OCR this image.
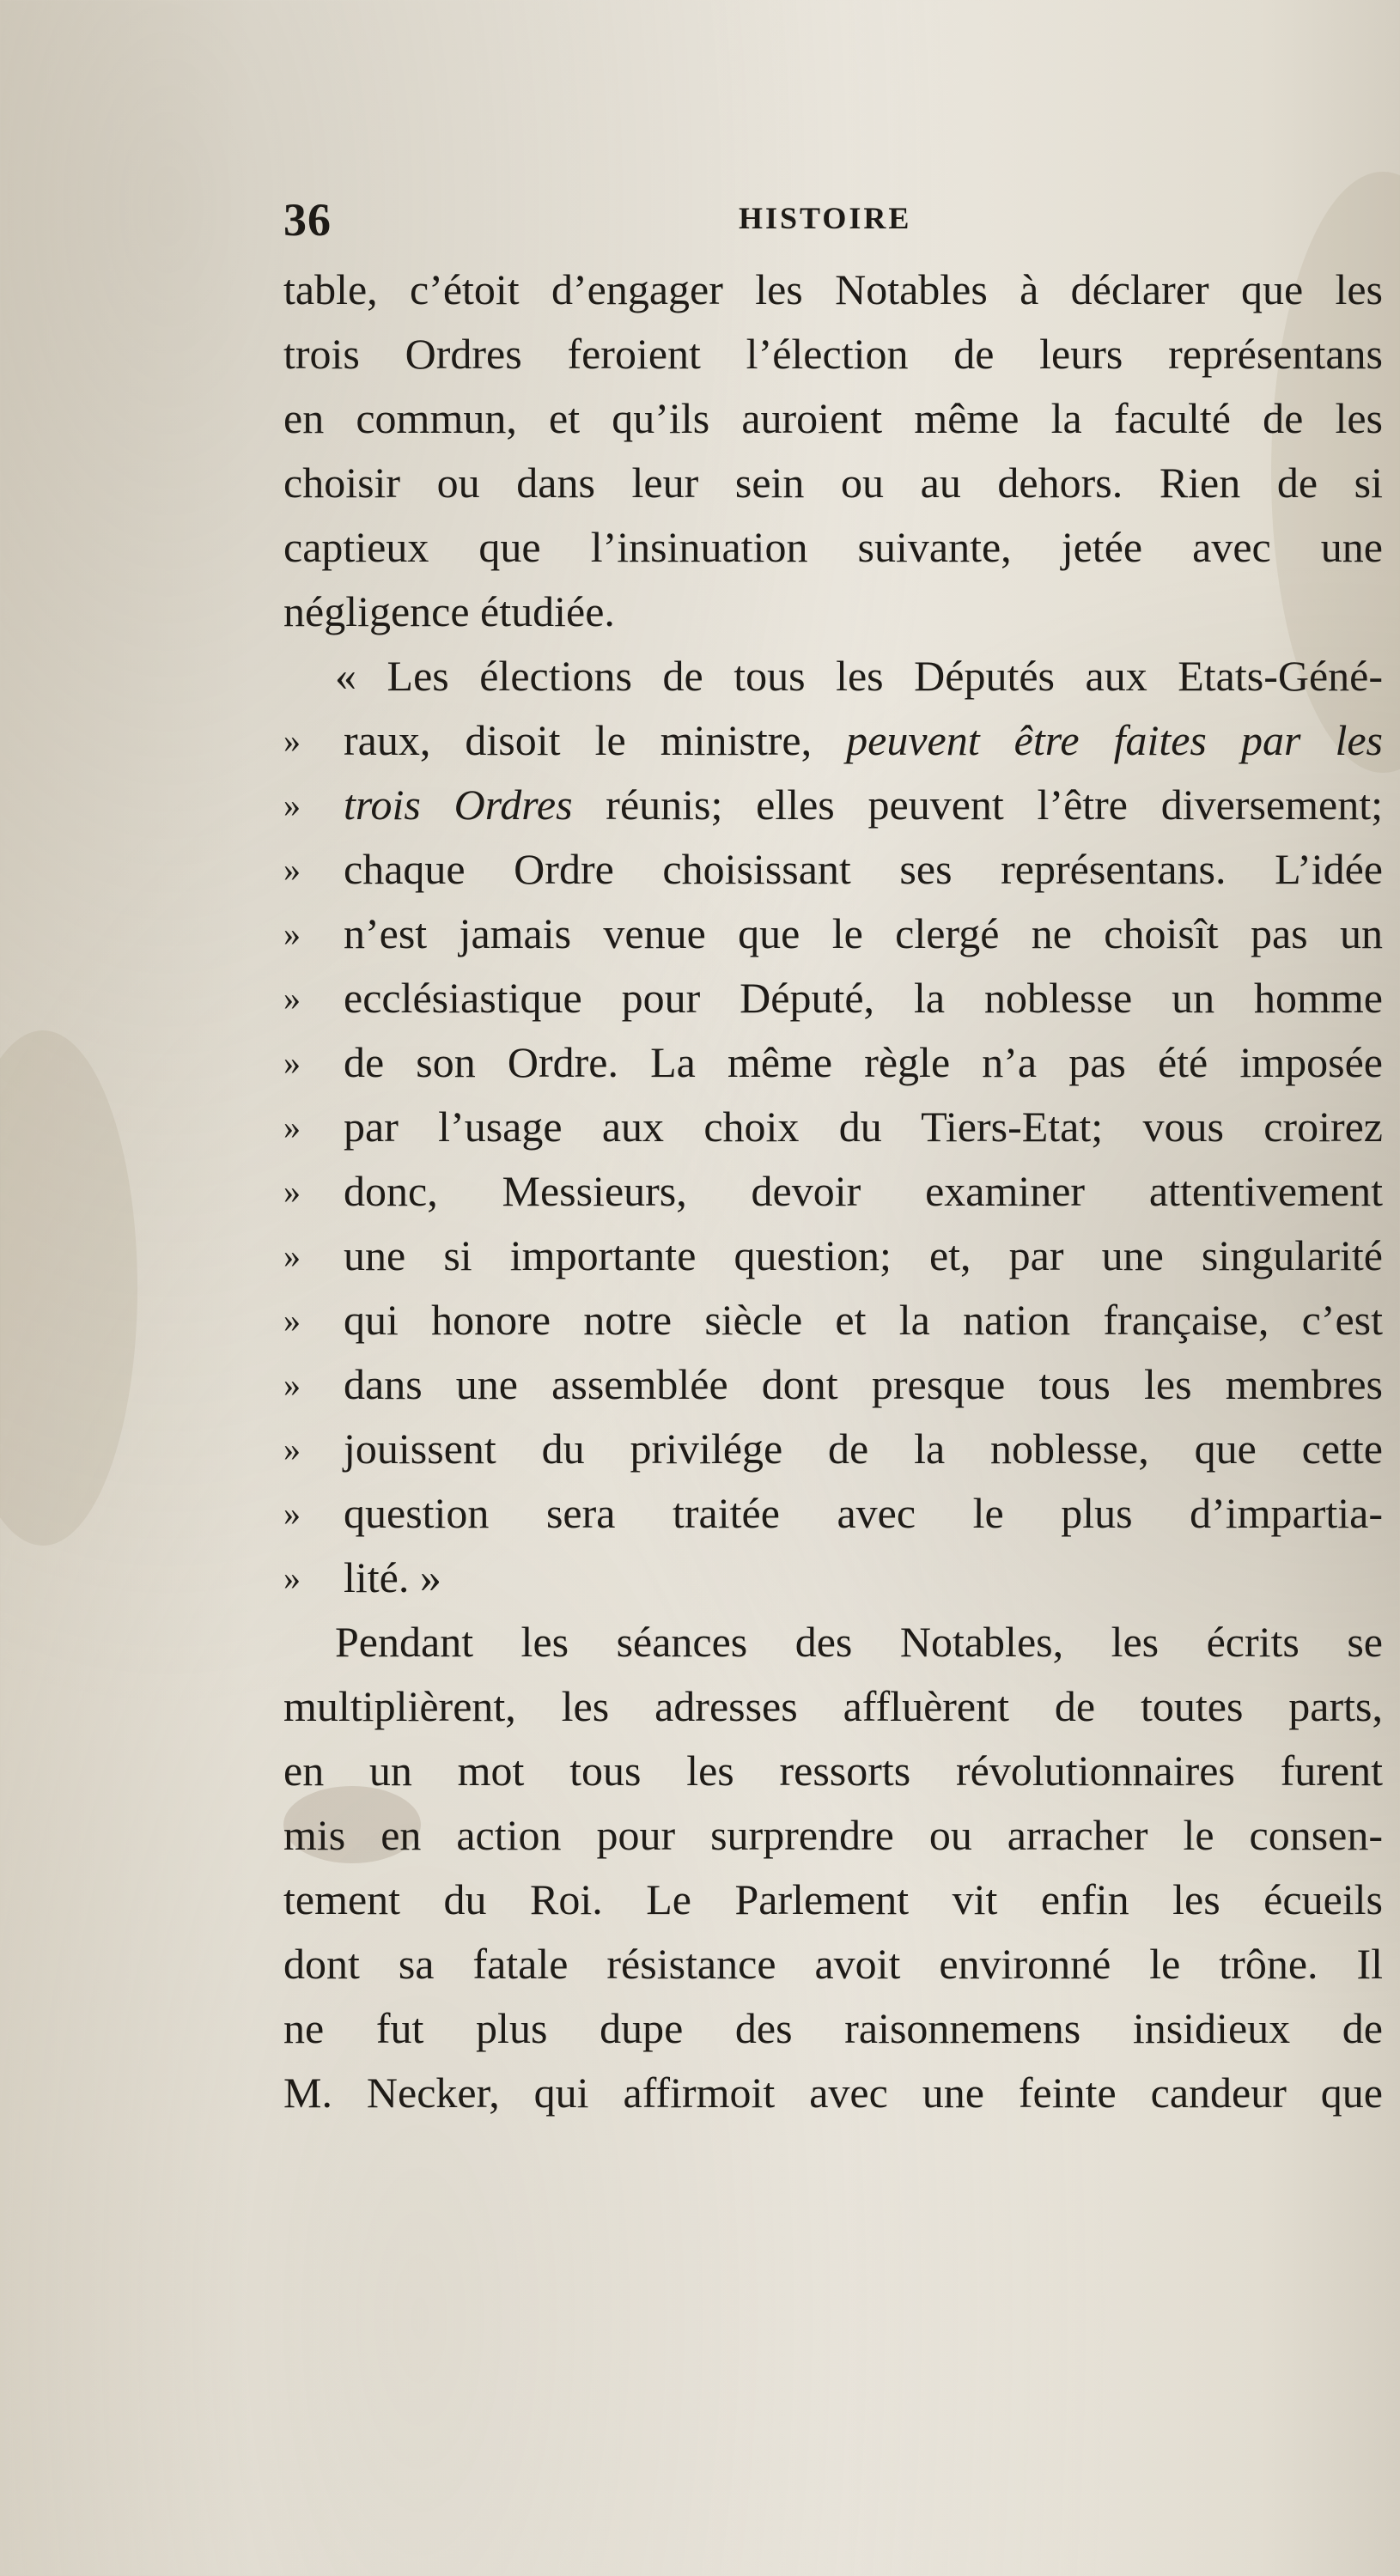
36	HISTOIRE
table, c’étoit d’engager les Notables à déclarer que les
trois Ordres feroient l’élection de leurs représentans
en commun, et qu’ils auroient même la faculté de les
choisir ou dans leur sein ou au dehors. Rien de si
captieux que l’insinuation suivante, jetée avec une
négligence étudiée.
« Les élections de tous les Députés aux Etats-Géné-
»	raux, disoit le ministre, peuvent être faites par les
»	trois Ordres réunis; elles peuvent l’être diversement;
»	chaque Ordre choisissant ses représentans. L’idée
»	n’est jamais venue que le clergé ne choisît pas un
»	ecclésiastique pour Député, la noblesse un homme
»	de son Ordre. La même règle n’a pas été imposée
»	par l’usage aux choix du Tiers-Etat; vous croirez
»	donc, Messieurs, devoir examiner attentivement
»	une si importante question; et, par une singularité
»	qui honore notre siècle et la nation française, c’est
»	dans une assemblée dont presque tous les membres
»	jouissent du privilége de la noblesse, que cette
»	question sera traitée avec le plus d’impartia-
»	lité. »
Pendant les séances des Notables, les écrits se
multiplièrent, les adresses affluèrent de toutes parts,
en un mot tous les ressorts révolutionnaires furent
mis en action pour surprendre ou arracher le consen-
tement du Roi. Le Parlement vit enfin les écueils
dont sa fatale résistance avoit environné le trône. Il
ne fut plus dupe des raisonnemens insidieux de
M. Necker, qui affirmoit avec une feinte candeur que
